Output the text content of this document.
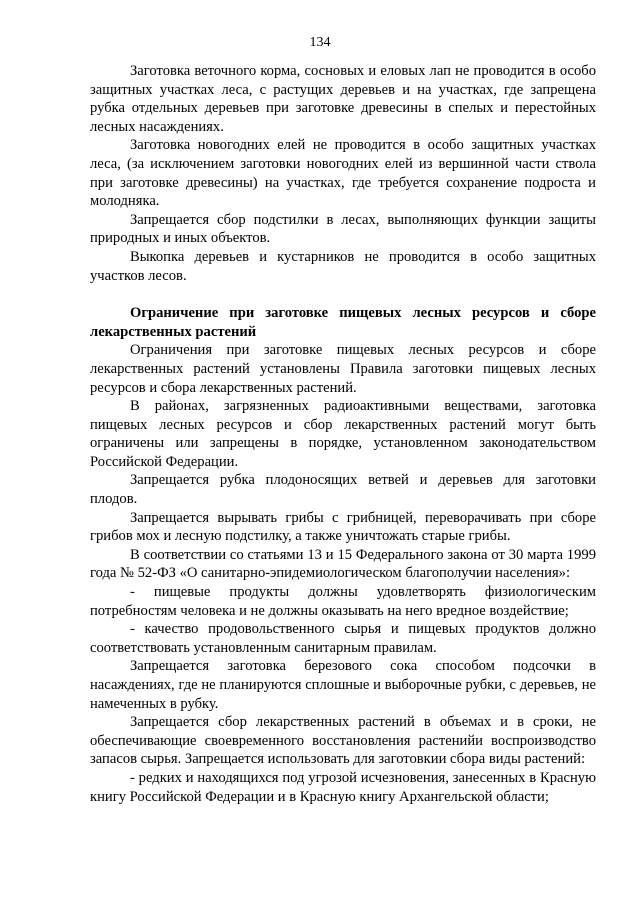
134

Заготовка веточного корма, сосновых и еловых лап не проводится в особо защитных участках леса, с растущих деревьев и на участках, где запрещена рубка отдельных деревьев при заготовке древесины в спелых и перестойных лесных насаждениях.

Заготовка новогодних елей не проводится в особо защитных участках леса, (за исключением заготовки новогодних елей из вершинной части ствола при заготовке древесины) на участках, где требуется сохранение подроста и молодняка.

Запрещается сбор подстилки в лесах, выполняющих функции защиты природных и иных объектов.

Выкопка деревьев и кустарников не проводится в особо защитных участков лесов.

Ограничение при заготовке пищевых лесных ресурсов и сборе лекарственных растений

Ограничения при заготовке пищевых лесных ресурсов и сборе лекарственных растений установлены Правила заготовки пищевых лесных ресурсов и сбора лекарственных растений.

В районах, загрязненных радиоактивными веществами, заготовка пищевых лесных ресурсов и сбор лекарственных растений могут быть ограничены или запрещены в порядке, установленном законодательством Российской Федерации.

Запрещается рубка плодоносящих ветвей и деревьев для заготовки плодов.

Запрещается вырывать грибы с грибницей, переворачивать при сборе грибов мох и лесную подстилку, а также уничтожать старые грибы.

В соответствии со статьями 13 и 15 Федерального закона от 30 марта 1999 года № 52-ФЗ «О санитарно-эпидемиологическом благополучии населения»:

- пищевые продукты должны удовлетворять физиологическим потребностям человека и не должны оказывать на него вредное воздействие;

- качество продовольственного сырья и пищевых продуктов должно соответствовать установленным санитарным правилам.

Запрещается заготовка березового сока способом подсочки в насаждениях, где не планируются сплошные и выборочные рубки, с деревьев, не намеченных в рубку.

Запрещается сбор лекарственных растений в объемах и в сроки, не обеспечивающие своевременного восстановления растенийи воспроизводство запасов сырья. Запрещается использовать для заготовкии сбора виды растений:

- редких и находящихся под угрозой исчезновения, занесенных в Красную книгу Российской Федерации и в Красную книгу Архангельской области;
